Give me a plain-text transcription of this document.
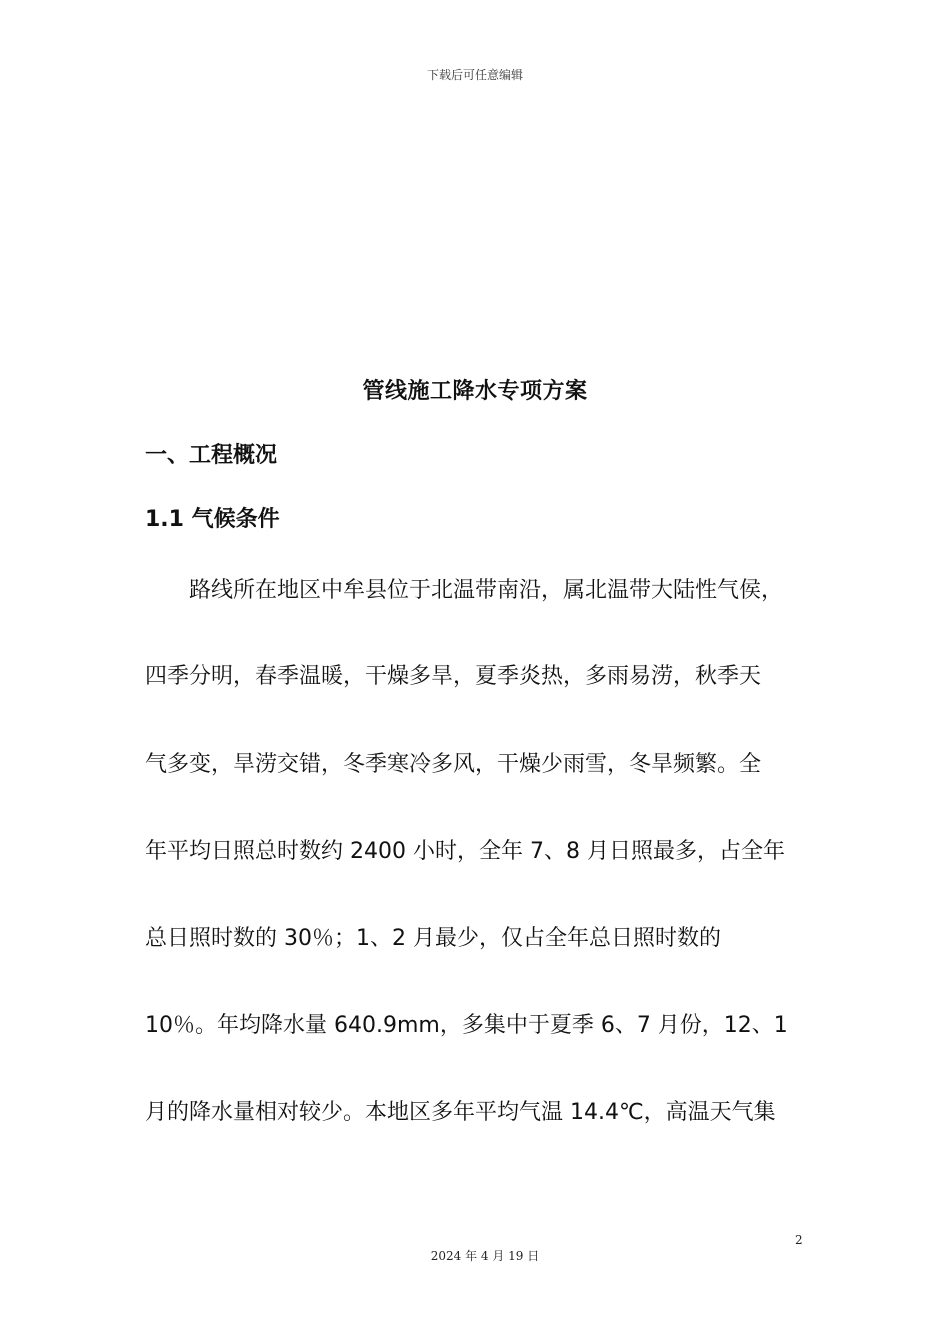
下载后可任意编辑
管线施工降水专项方案
一、工程概况
1.1 气候条件
　　路线所在地区中牟县位于北温带南沿，属北温带大陆性气侯，
四季分明，春季温暖，干燥多旱，夏季炎热，多雨易涝，秋季天
气多变，旱涝交错，冬季寒冷多风，干燥少雨雪，冬旱频繁。全
年平均日照总时数约 2400 小时，全年 7、8 月日照最多，占全年
总日照时数的 30％；1、2 月最少，仅占全年总日照时数的
10％。年均降水量 640.9mm，多集中于夏季 6、7 月份，12、1
月的降水量相对较少。本地区多年平均气温 14.4℃，高温天气集
2
2024 年 4 月 19 日
